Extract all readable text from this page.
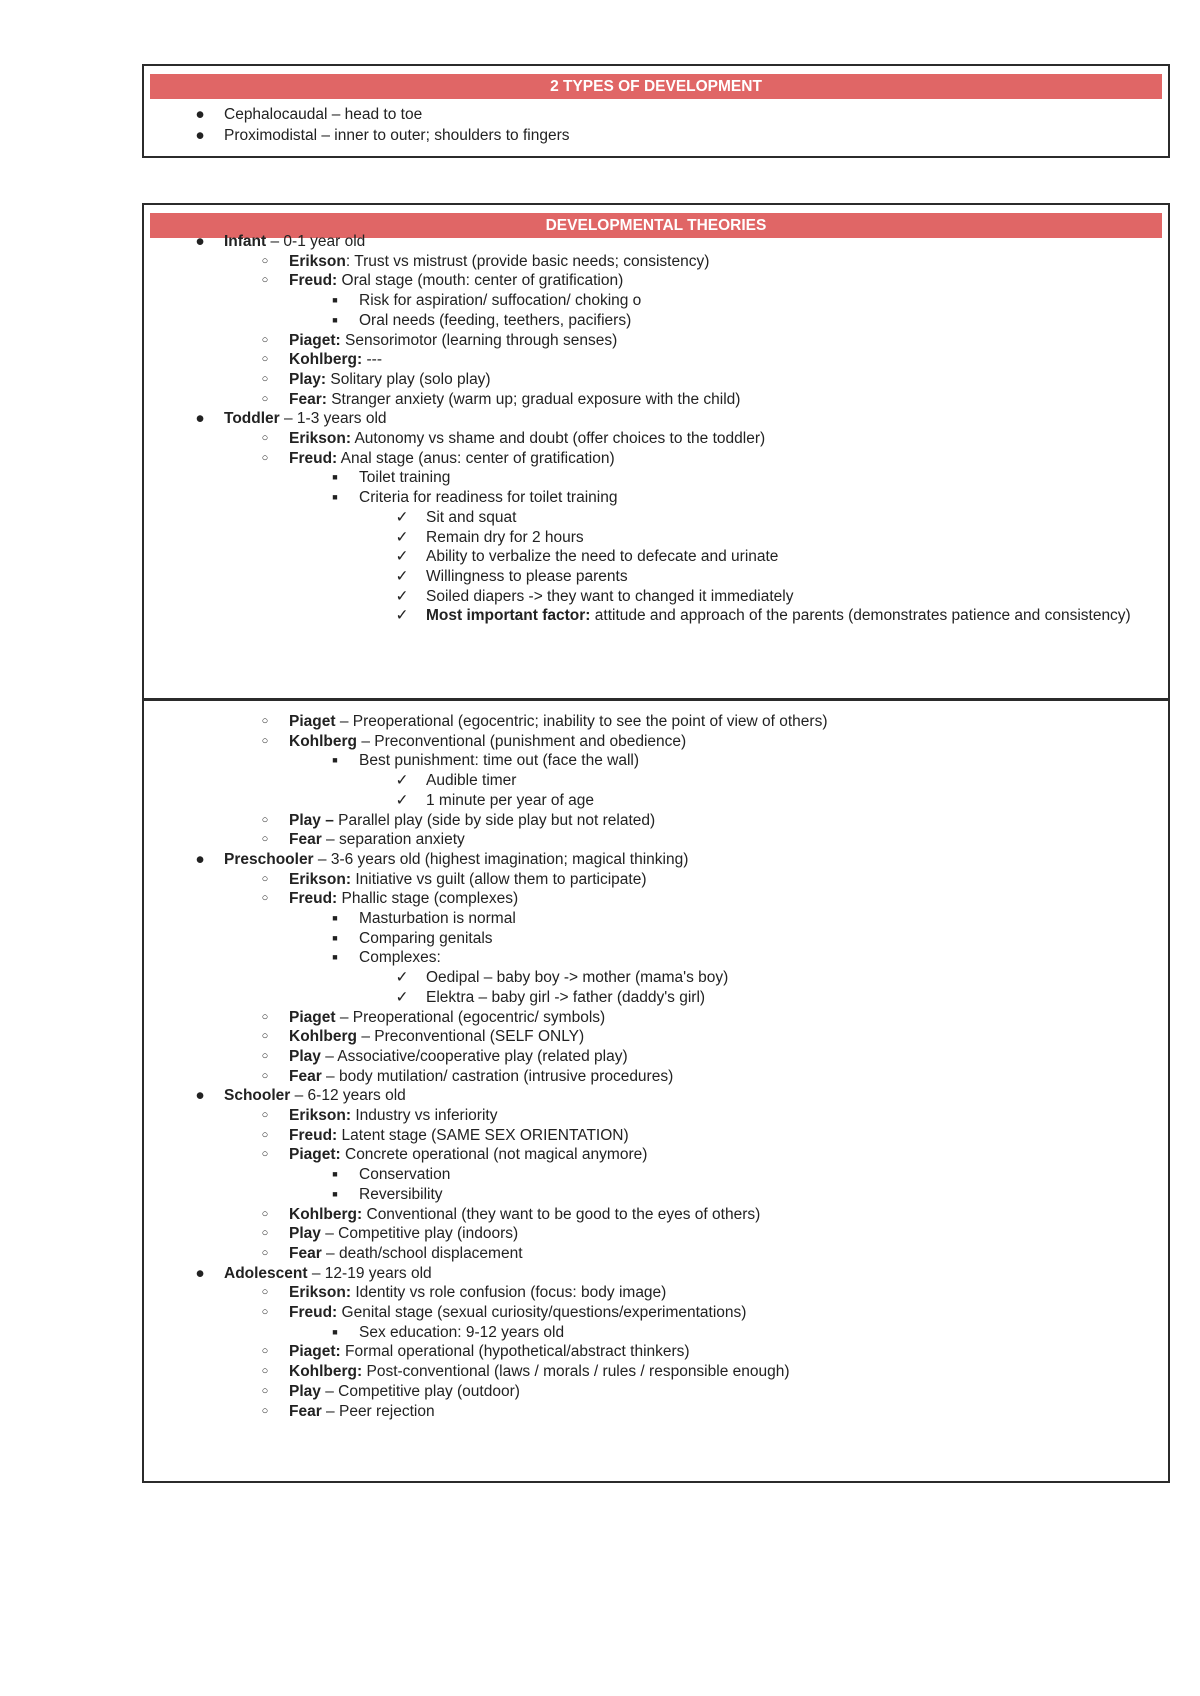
2 TYPES OF DEVELOPMENT
●	Cephalocaudal – head to toe
●	Proximodistal – inner to outer; shoulders to fingers
DEVELOPMENTAL THEORIES
●	Infant – 0-1 year old
○	Erikson: Trust vs mistrust (provide basic needs; consistency)
○	Freud: Oral stage (mouth: center of gratification)
■	Risk for aspiration/ suffocation/ choking o
■	Oral needs (feeding, teethers, pacifiers)
○	Piaget: Sensorimotor (learning through senses)
○	Kohlberg: ---
○	Play: Solitary play (solo play)
○	Fear: Stranger anxiety (warm up; gradual exposure with the child)
●	Toddler – 1-3 years old
○	Erikson: Autonomy vs shame and doubt (offer choices to the toddler)
○	Freud: Anal stage (anus: center of gratification)
■	Toilet training
■	Criteria for readiness for toilet training
✓ Sit and squat
✓ Remain dry for 2 hours
✓ Ability to verbalize the need to defecate and urinate
✓ Willingness to please parents
✓ Soiled diapers -> they want to changed it immediately
✓ Most important factor: attitude and approach of the parents (demonstrates patience and consistency)
○	Piaget – Preoperational (egocentric; inability to see the point of view of others)
○	Kohlberg – Preconventional (punishment and obedience)
■	Best punishment: time out (face the wall)
✓ Audible timer
✓ 1 minute per year of age
○	Play – Parallel play (side by side play but not related)
○	Fear – separation anxiety
●	Preschooler – 3-6 years old (highest imagination; magical thinking)
○	Erikson: Initiative vs guilt (allow them to participate)
○	Freud: Phallic stage (complexes)
■	Masturbation is normal
■	Comparing genitals
■	Complexes:
✓ Oedipal – baby boy -> mother (mama's boy)
✓ Elektra – baby girl -> father (daddy's girl)
○	Piaget – Preoperational (egocentric/ symbols)
○	Kohlberg – Preconventional (SELF ONLY)
○	Play – Associative/cooperative play (related play)
○	Fear – body mutilation/ castration (intrusive procedures)
●	Schooler – 6-12 years old
○	Erikson: Industry vs inferiority
○	Freud: Latent stage (SAME SEX ORIENTATION)
○	Piaget: Concrete operational (not magical anymore)
■	Conservation
■	Reversibility
○	Kohlberg: Conventional (they want to be good to the eyes of others)
○	Play – Competitive play (indoors)
○	Fear – death/school displacement
●	Adolescent – 12-19 years old
○	Erikson: Identity vs role confusion (focus: body image)
○	Freud: Genital stage (sexual curiosity/questions/experimentations)
■	Sex education: 9-12 years old
○	Piaget: Formal operational (hypothetical/abstract thinkers)
○	Kohlberg: Post-conventional (laws / morals / rules / responsible enough)
○	Play – Competitive play (outdoor)
○	Fear – Peer rejection
